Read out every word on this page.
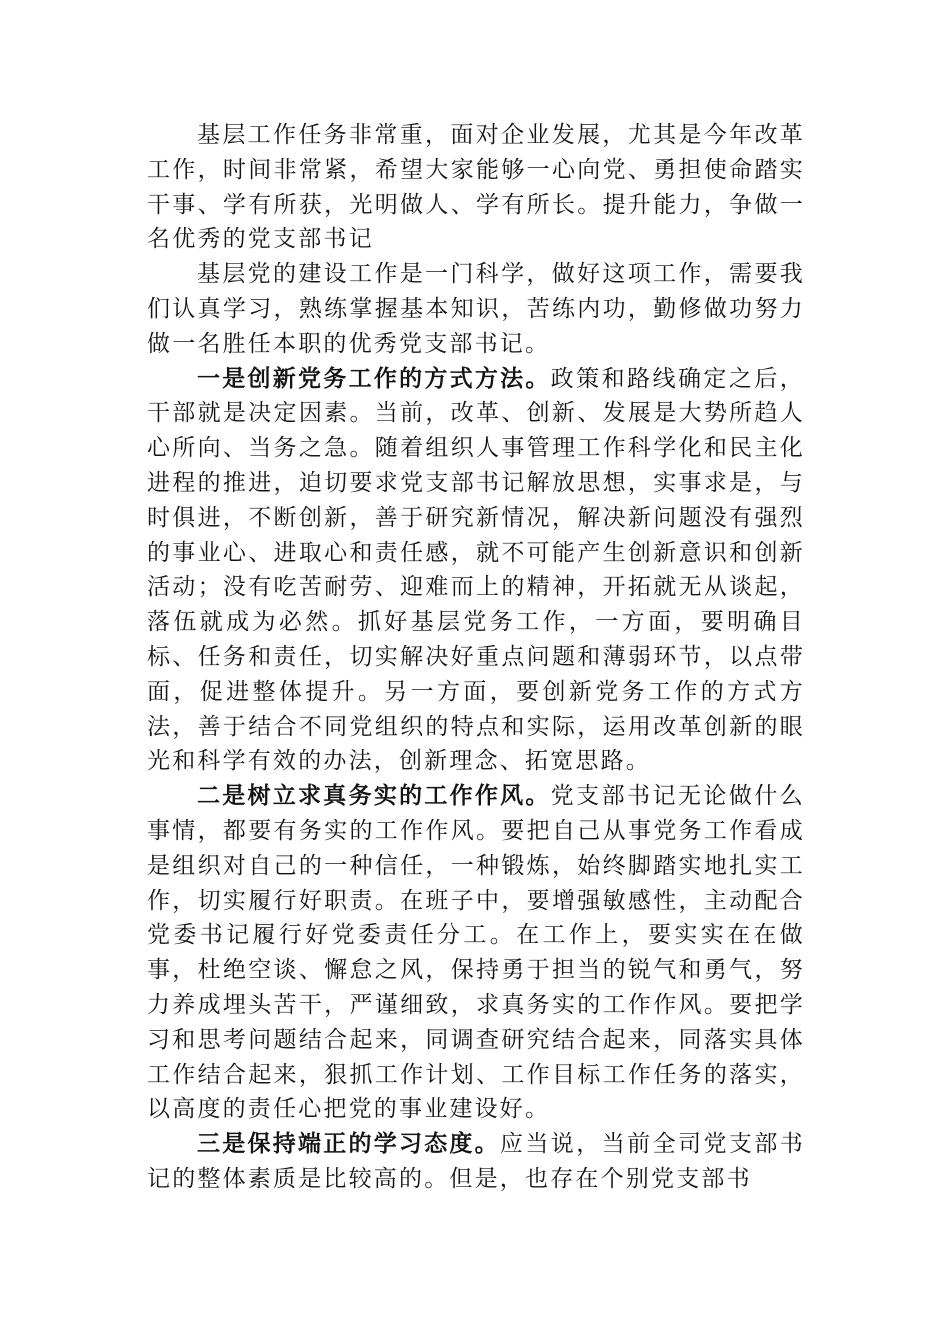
基层工作任务非常重，面对企业发展，尤其是今年改革工作，时间非常紧，希望大家能够一心向党、勇担使命踏实干事、学有所获，光明做人、学有所长。提升能力，争做一名优秀的党支部书记

基层党的建设工作是一门科学，做好这项工作，需要我们认真学习，熟练掌握基本知识，苦练内功，勤修做功努力做一名胜任本职的优秀党支部书记。

一是创新党务工作的方式方法。政策和路线确定之后，干部就是决定因素。当前，改革、创新、发展是大势所趋人心所向、当务之急。随着组织人事管理工作科学化和民主化进程的推进，迫切要求党支部书记解放思想，实事求是，与时俱进，不断创新，善于研究新情况，解决新问题没有强烈的事业心、进取心和责任感，就不可能产生创新意识和创新活动；没有吃苦耐劳、迎难而上的精神，开拓就无从谈起，落伍就成为必然。抓好基层党务工作，一方面，要明确目标、任务和责任，切实解决好重点问题和薄弱环节，以点带面，促进整体提升。另一方面，要创新党务工作的方式方法，善于结合不同党组织的特点和实际，运用改革创新的眼光和科学有效的办法，创新理念、拓宽思路。

二是树立求真务实的工作作风。党支部书记无论做什么事情，都要有务实的工作作风。要把自己从事党务工作看成是组织对自己的一种信任，一种锻炼，始终脚踏实地扎实工作，切实履行好职责。在班子中，要增强敏感性，主动配合党委书记履行好党委责任分工。在工作上，要实实在在做事，杜绝空谈、懈怠之风，保持勇于担当的锐气和勇气，努力养成埋头苦干，严谨细致，求真务实的工作作风。要把学习和思考问题结合起来，同调查研究结合起来，同落实具体工作结合起来，狠抓工作计划、工作目标工作任务的落实，以高度的责任心把党的事业建设好。

三是保持端正的学习态度。应当说，当前全司党支部书记的整体素质是比较高的。但是，也存在个别党支部书
